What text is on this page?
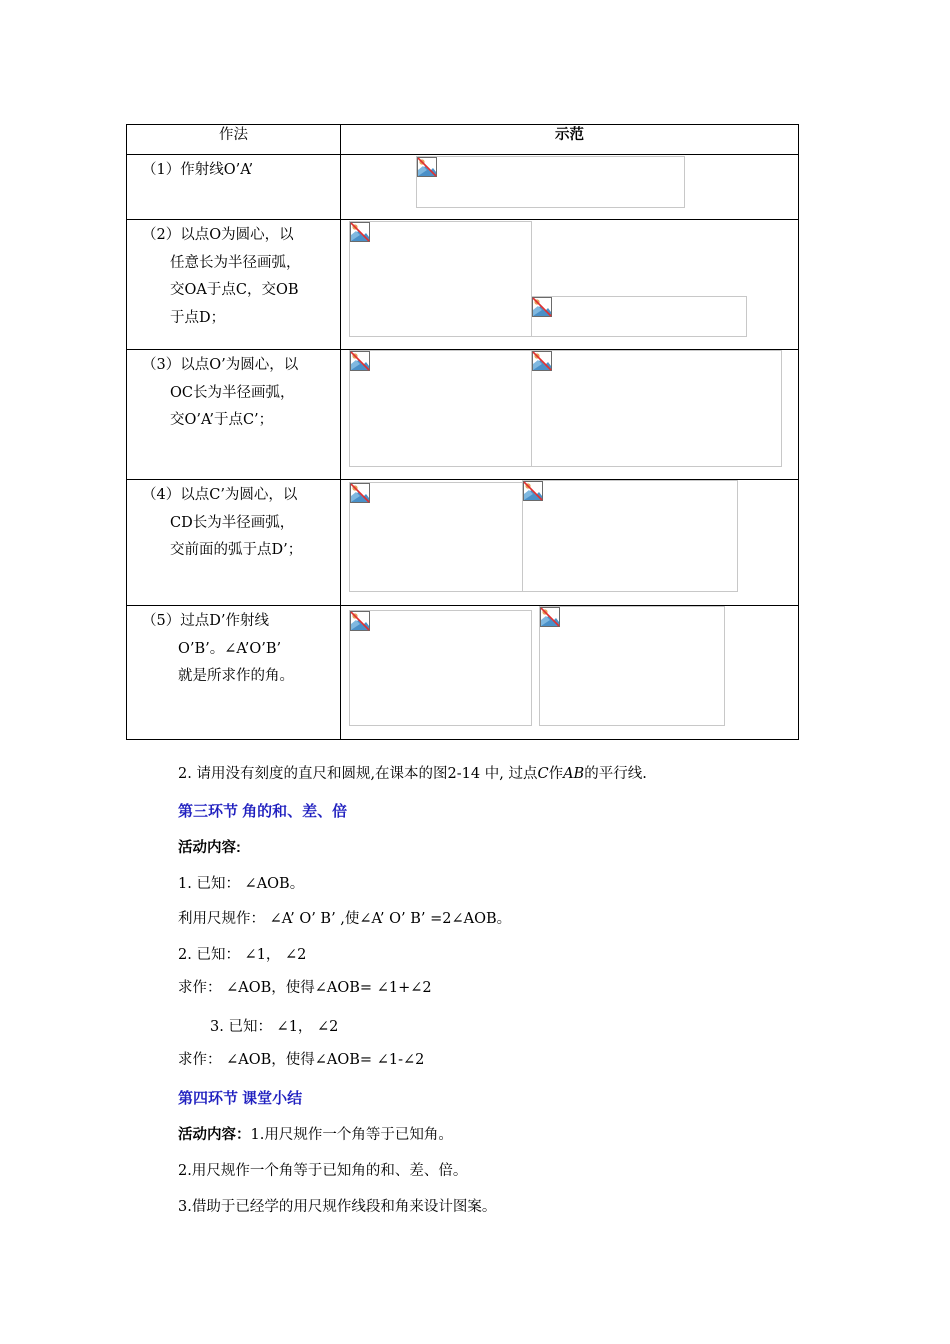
作法	示范
（1）作射线O’A’
（2）以点O为圆心，以
任意长为半径画弧，
交OA于点C，交OB
于点D；
（3）以点O’为圆心，以
OC长为半径画弧，
交O’A’于点C’；
（4）以点C’为圆心，以
CD长为半径画弧，
交前面的弧于点D’；
（5）过点D’作射线
O’B’。∠A’O’B’
就是所求作的角。
2. 请用没有刻度的直尺和圆规,在课本的图2-14 中, 过点C作AB的平行线.
第三环节 角的和、差、倍
活动内容:
1. 已知： ∠AOB。
利用尺规作： ∠A’ O’ B’ ,使∠A’ O’ B’ =2∠AOB。
2. 已知： ∠1， ∠2
求作： ∠AOB，使得∠AOB= ∠1+∠2
3. 已知： ∠1， ∠2
求作： ∠AOB，使得∠AOB= ∠1-∠2
第四环节 课堂小结
活动内容：1.用尺规作一个角等于已知角。
2.用尺规作一个角等于已知角的和、差、倍。
3.借助于已经学的用尺规作线段和角来设计图案。
